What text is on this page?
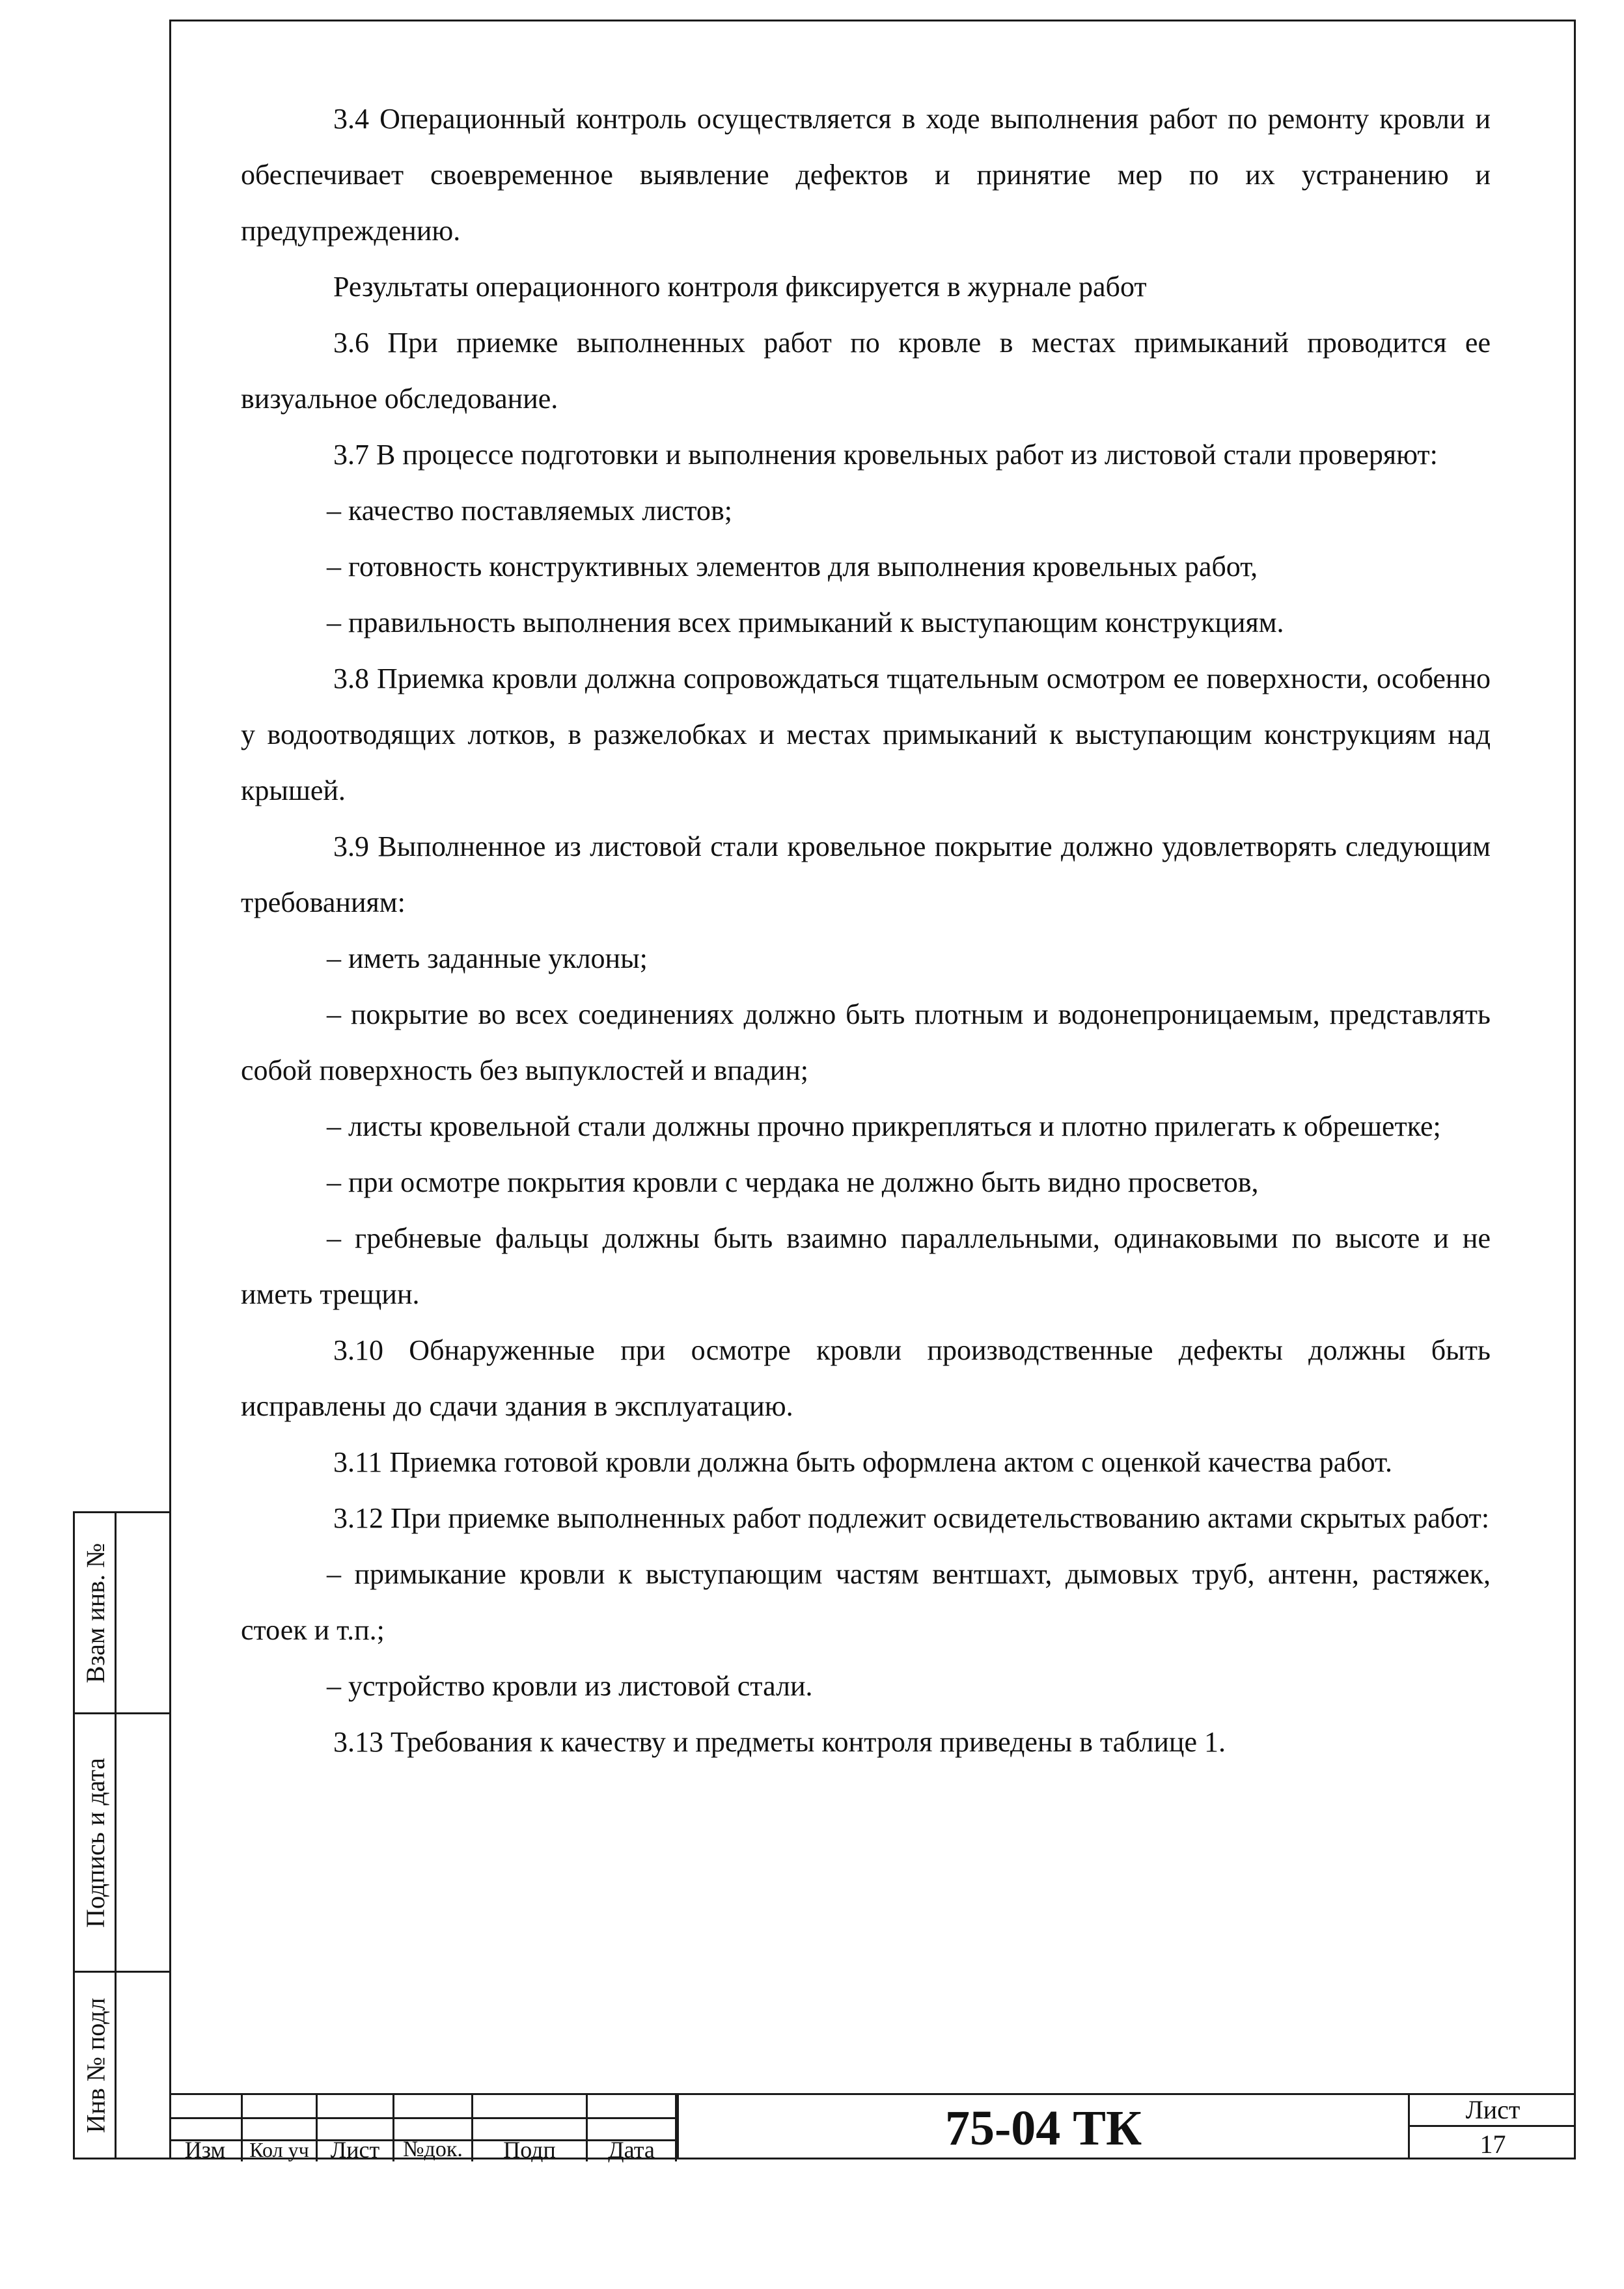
3.4 Операционный контроль осуществляется в ходе выполнения работ по ремонту кровли и обеспечивает своевременное выявление дефектов и принятие мер по их устранению и предупреждению.

Результаты операционного контроля фиксируется в журнале работ

3.6 При приемке выполненных работ по кровле в местах примыканий проводится ее визуальное обследование.

3.7 В процессе подготовки и выполнения кровельных работ из листовой стали проверяют:

– качество поставляемых листов;

– готовность конструктивных элементов для выполнения кровельных работ,

– правильность выполнения всех примыканий к выступающим конструкциям.

3.8 Приемка кровли должна сопровождаться тщательным осмотром ее поверхности, особенно у водоотводящих лотков, в разжелобках и местах примыканий к выступающим конструкциям над крышей.

3.9 Выполненное из листовой стали кровельное покрытие должно удовлетворять следующим требованиям:

– иметь заданные уклоны;

– покрытие во всех соединениях должно быть плотным и водонепроницаемым, представлять собой поверхность без выпуклостей и впадин;

– листы кровельной стали должны прочно прикрепляться и плотно прилегать к обрешетке;

– при осмотре покрытия кровли с чердака не должно быть видно просветов,

– гребневые фальцы должны быть взаимно параллельными, одинаковыми по высоте и не иметь трещин.

3.10 Обнаруженные при осмотре кровли производственные дефекты должны быть исправлены до сдачи здания в эксплуатацию.

3.11 Приемка готовой кровли должна быть оформлена актом с оценкой качества работ.

3.12 При приемке выполненных работ подлежит освидетельствованию актами скрытых работ:

– примыкание кровли к выступающим частям вентшахт, дымовых труб, антенн, растяжек, стоек и т.п.;

– устройство кровли из листовой стали.

3.13 Требования к качеству и предметы контроля приведены в таблице 1.

Взам инв. №
Подпись и дата
Инв № подл
Изм	Кол уч Лист	№док.	Подп	Дата	75-04 ТК	Лист
17
